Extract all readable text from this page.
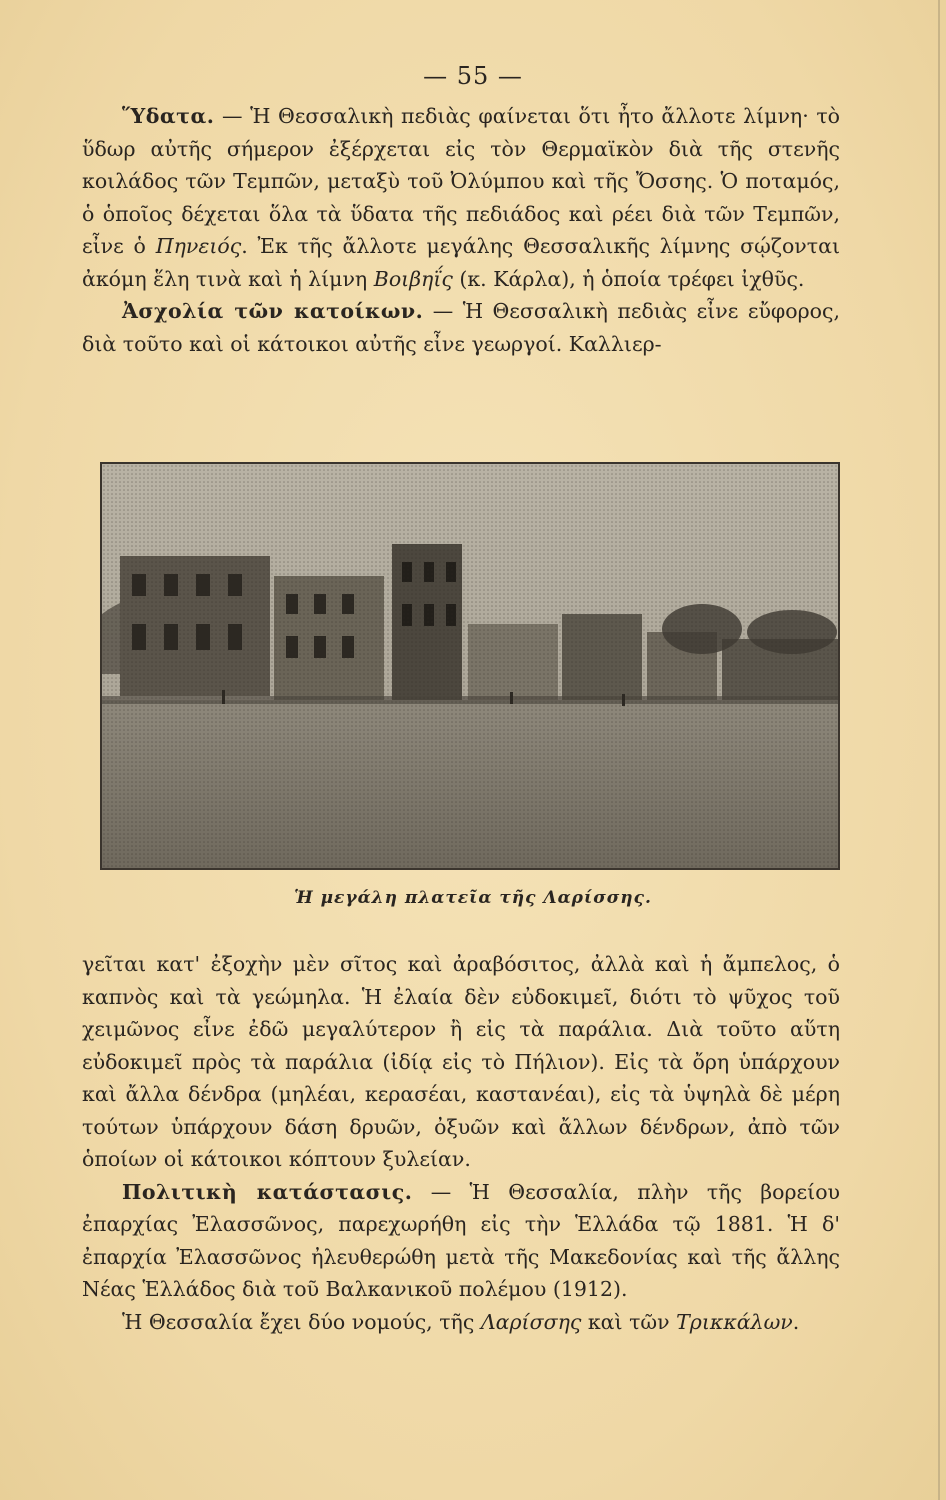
— 55 —

Ὕδατα. — Ἡ Θεσσαλικὴ πεδιὰς φαίνεται ὅτι ἦτο ἄλλοτε λίμνη· τὸ ὕδωρ αὐτῆς σήμερον ἐξέρχεται εἰς τὸν Θερμαϊκὸν διὰ τῆς στενῆς κοιλάδος τῶν Τεμπῶν, μεταξὺ τοῦ Ὀλύμπου καὶ τῆς Ὄσσης. Ὁ ποταμός, ὁ ὁποῖος δέχεται ὅλα τὰ ὕδατα τῆς πεδιάδος καὶ ρέει διὰ τῶν Τεμπῶν, εἶνε ὁ Πηνειός. Ἐκ τῆς ἄλλοτε μεγάλης Θεσσαλικῆς λίμνης σῴζονται ἀκόμη ἕλη τινὰ καὶ ἡ λίμνη Βοιβηΐς (κ. Κάρλα), ἡ ὁποία τρέφει ἰχθῦς.

Ἀσχολία τῶν κατοίκων. — Ἡ Θεσσαλικὴ πεδιὰς εἶνε εὔφορος, διὰ τοῦτο καὶ οἱ κάτοικοι αὐτῆς εἶνε γεωργοί. Καλλιερ-

Ἡ μεγάλη πλατεῖα τῆς Λαρίσσης.

γεῖται κατ' ἐξοχὴν μὲν σῖτος καὶ ἀραβόσιτος, ἀλλὰ καὶ ἡ ἄμπελος, ὁ καπνὸς καὶ τὰ γεώμηλα. Ἡ ἐλαία δὲν εὐδοκιμεῖ, διότι τὸ ψῦχος τοῦ χειμῶνος εἶνε ἐδῶ μεγαλύτερον ἢ εἰς τὰ παράλια. Διὰ τοῦτο αὕτη εὐδοκιμεῖ πρὸς τὰ παράλια (ἰδίᾳ εἰς τὸ Πήλιον). Εἰς τὰ ὄρη ὑπάρχουν καὶ ἄλλα δένδρα (μηλέαι, κερασέαι, καστανέαι), εἰς τὰ ὑψηλὰ δὲ μέρη τούτων ὑπάρχουν δάση δρυῶν, ὀξυῶν καὶ ἄλλων δένδρων, ἀπὸ τῶν ὁποίων οἱ κάτοικοι κόπτουν ξυλείαν.

Πολιτικὴ κατάστασις. — Ἡ Θεσσαλία, πλὴν τῆς βορείου ἐπαρχίας Ἐλασσῶνος, παρεχωρήθη εἰς τὴν Ἑλλάδα τῷ 1881. Ἡ δ' ἐπαρχία Ἐλασσῶνος ἠλευθερώθη μετὰ τῆς Μακεδονίας καὶ τῆς ἄλλης Νέας Ἑλλάδος διὰ τοῦ Βαλκανικοῦ πολέμου (1912).

Ἡ Θεσσαλία ἔχει δύο νομούς, τῆς Λαρίσσης καὶ τῶν Τρικκάλων.
